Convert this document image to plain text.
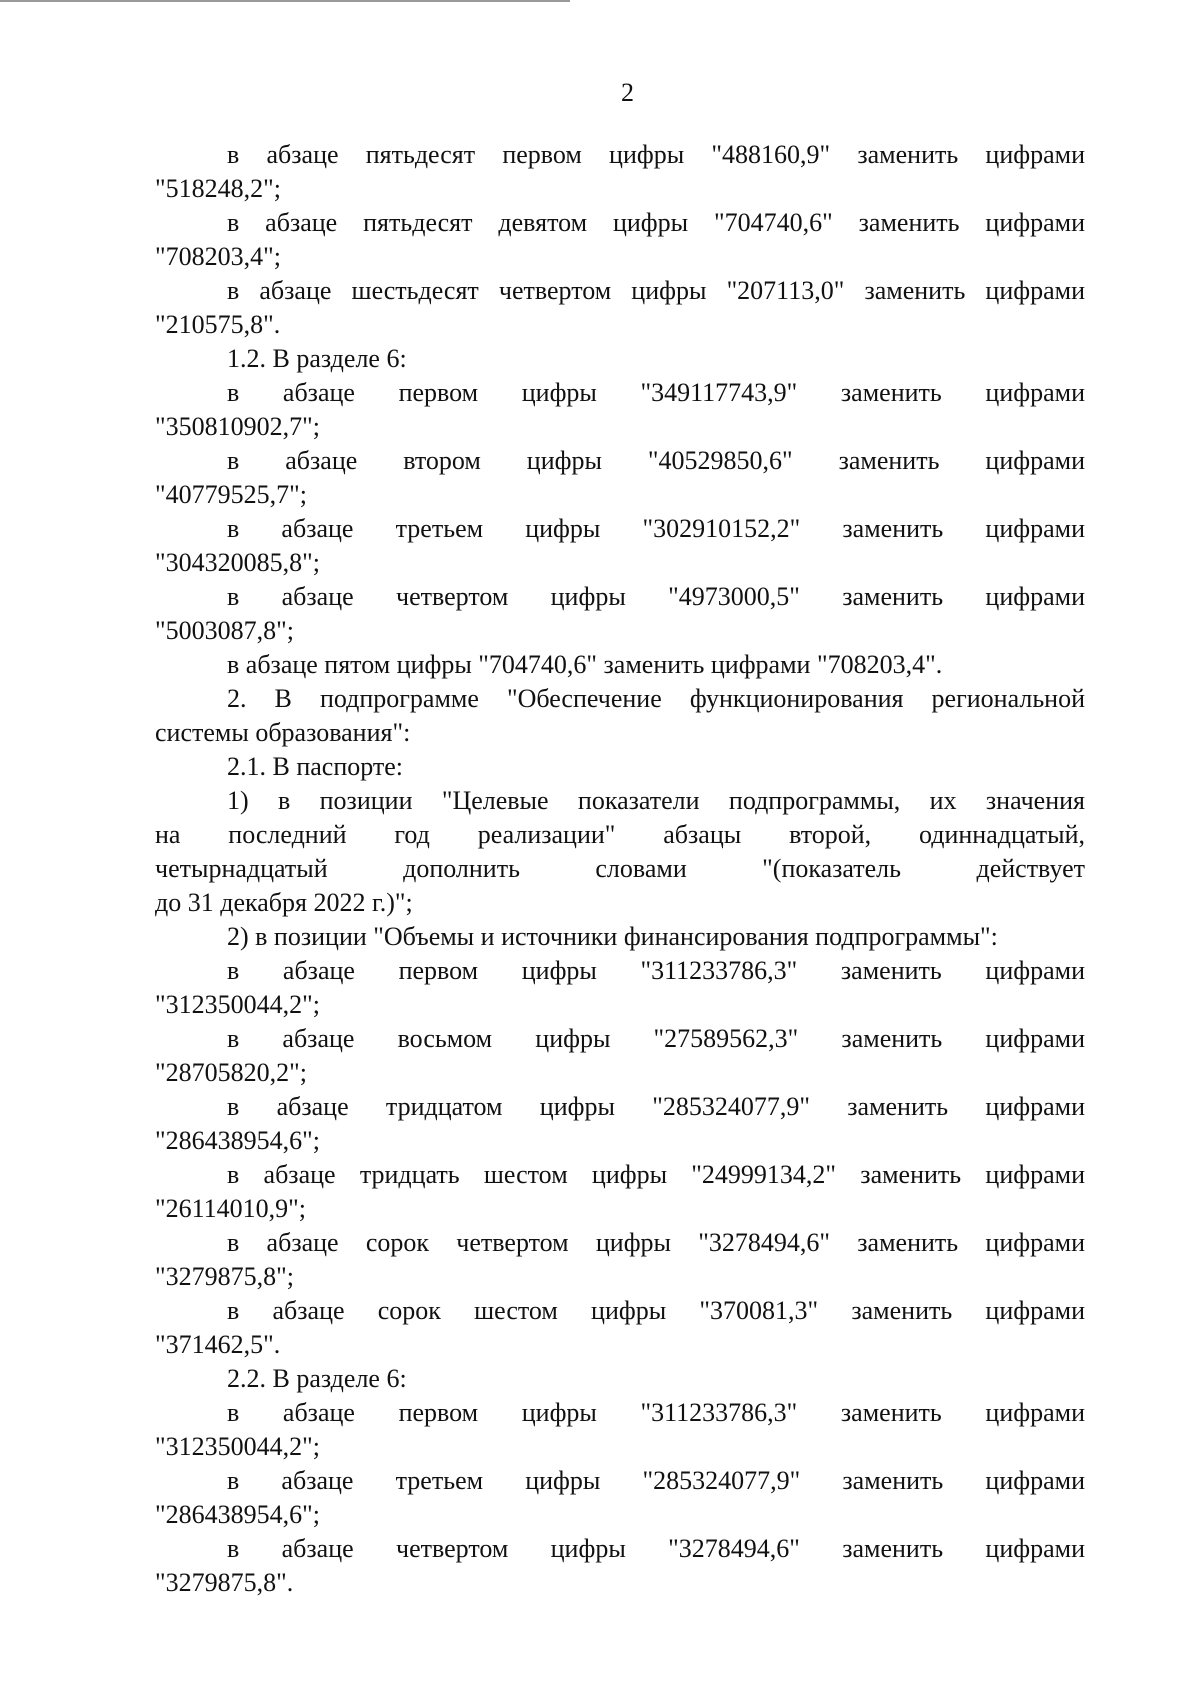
2
в абзаце пятьдесят первом цифры "488160,9" заменить цифрами
"518248,2";
в абзаце пятьдесят девятом цифры "704740,6" заменить цифрами
"708203,4";
в абзаце шестьдесят четвертом цифры "207113,0" заменить цифрами
"210575,8".
1.2. В разделе 6:
в абзаце первом цифры "349117743,9" заменить цифрами
"350810902,7";
в абзаце втором цифры "40529850,6" заменить цифрами
"40779525,7";
в абзаце третьем цифры "302910152,2" заменить цифрами
"304320085,8";
в абзаце четвертом цифры "4973000,5" заменить цифрами
"5003087,8";
в абзаце пятом цифры "704740,6" заменить цифрами "708203,4".
2. В подпрограмме "Обеспечение функционирования региональной
системы образования":
2.1. В паспорте:
1) в позиции "Целевые показатели подпрограммы, их значения
на последний год реализации" абзацы второй, одиннадцатый,
четырнадцатый дополнить словами "(показатель действует
до 31 декабря 2022 г.)";
2) в позиции "Объемы и источники финансирования подпрограммы":
в абзаце первом цифры "311233786,3" заменить цифрами
"312350044,2";
в абзаце восьмом цифры "27589562,3" заменить цифрами
"28705820,2";
в абзаце тридцатом цифры "285324077,9" заменить цифрами
"286438954,6";
в абзаце тридцать шестом цифры "24999134,2" заменить цифрами
"26114010,9";
в абзаце сорок четвертом цифры "3278494,6" заменить цифрами
"3279875,8";
в абзаце сорок шестом цифры "370081,3" заменить цифрами
"371462,5".
2.2. В разделе 6:
в абзаце первом цифры "311233786,3" заменить цифрами
"312350044,2";
в абзаце третьем цифры "285324077,9" заменить цифрами
"286438954,6";
в абзаце четвертом цифры "3278494,6" заменить цифрами
"3279875,8".
